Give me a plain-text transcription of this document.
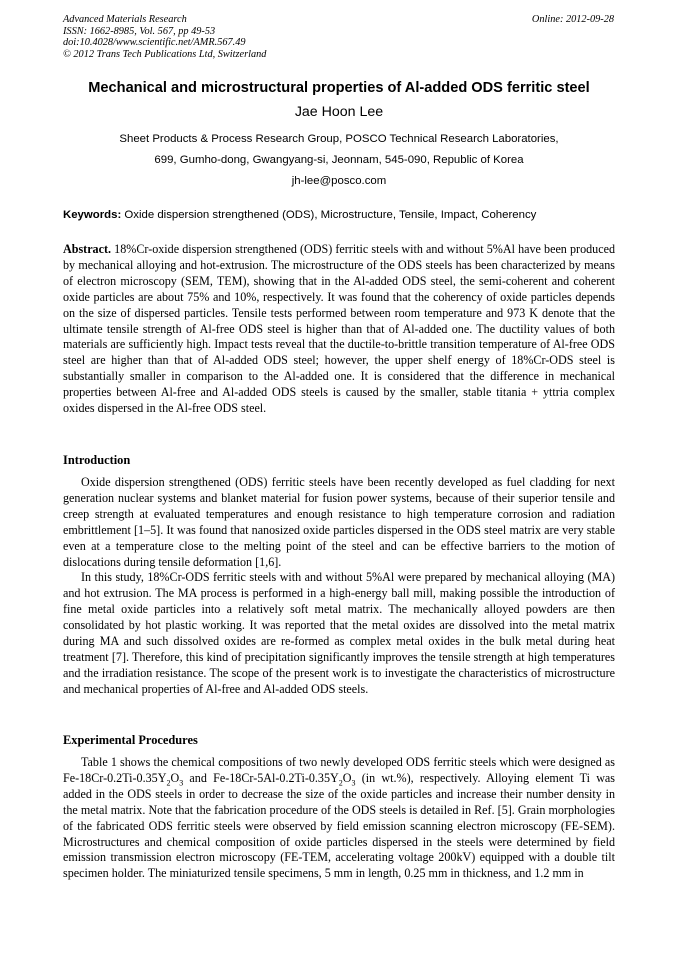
Advanced Materials Research
ISSN: 1662-8985, Vol. 567, pp 49-53
doi:10.4028/www.scientific.net/AMR.567.49
© 2012 Trans Tech Publications Ltd, Switzerland
Online: 2012-09-28
Mechanical and microstructural properties of Al-added ODS ferritic steel
Jae Hoon Lee
Sheet Products & Process Research Group, POSCO Technical Research Laboratories,
699, Gumho-dong, Gwangyang-si, Jeonnam, 545-090, Republic of Korea
jh-lee@posco.com
Keywords: Oxide dispersion strengthened (ODS), Microstructure, Tensile, Impact, Coherency

Abstract. 18%Cr-oxide dispersion strengthened (ODS) ferritic steels with and without 5%Al have been produced by mechanical alloying and hot-extrusion. The microstructure of the ODS steels has been characterized by means of electron microscopy (SEM, TEM), showing that in the Al-added ODS steel, the semi-coherent and coherent oxide particles are about 75% and 10%, respectively. It was found that the coherency of oxide particles depends on the size of dispersed particles. Tensile tests performed between room temperature and 973 K denote that the ultimate tensile strength of Al-free ODS steel is higher than that of Al-added one. The ductility values of both materials are sufficiently high. Impact tests reveal that the ductile-to-brittle transition temperature of Al-free ODS steel are higher than that of Al-added ODS steel; however, the upper shelf energy of 18%Cr-ODS steel is substantially smaller in comparison to the Al-added one. It is considered that the difference in mechanical properties between Al-free and Al-added ODS steels is caused by the smaller, stable titania + yttria complex oxides dispersed in the Al-free ODS steel.

Introduction

Oxide dispersion strengthened (ODS) ferritic steels have been recently developed as fuel cladding for next generation nuclear systems and blanket material for fusion power systems, because of their superior tensile and creep strength at evaluated temperatures and enough resistance to high temperature corrosion and radiation embrittlement [1–5]. It was found that nanosized oxide particles dispersed in the ODS steel matrix are very stable even at a temperature close to the melting point of the steel and can be effective barriers to the motion of dislocations during tensile deformation [1,6].

In this study, 18%Cr-ODS ferritic steels with and without 5%Al were prepared by mechanical alloying (MA) and hot extrusion. The MA process is performed in a high-energy ball mill, making possible the introduction of fine metal oxide particles into a relatively soft metal matrix. The mechanically alloyed powders are then consolidated by hot plastic working. It was reported that the metal oxides are dissolved into the metal matrix during MA and such dissolved oxides are re-formed as complex metal oxides in the bulk metal during heat treatment [7]. Therefore, this kind of precipitation significantly improves the tensile strength at high temperatures and the irradiation resistance. The scope of the present work is to investigate the characteristics of microstructure and mechanical properties of Al-free and Al-added ODS steels.

Experimental Procedures

Table 1 shows the chemical compositions of two newly developed ODS ferritic steels which were designed as $Fe-18Cr-0.2Ti-0.35Y_2O_3$ and $Fe-18Cr-5Al-0.2Ti-0.35Y_2O_3$ (in wt.%), respectively. Alloying element Ti was added in the ODS steels in order to decrease the size of the oxide particles and increase their number density in the metal matrix. Note that the fabrication procedure of the ODS steels is detailed in Ref. [5]. Grain morphologies of the fabricated ODS ferritic steels were observed by field emission scanning electron microscopy (FE-SEM). Microstructures and chemical composition of oxide particles dispersed in the steels were determined by field emission transmission electron microscopy (FE-TEM, accelerating voltage 200kV) equipped with a double tilt specimen holder. The miniaturized tensile specimens, 5 mm in length, 0.25 mm in thickness, and 1.2 mm in
